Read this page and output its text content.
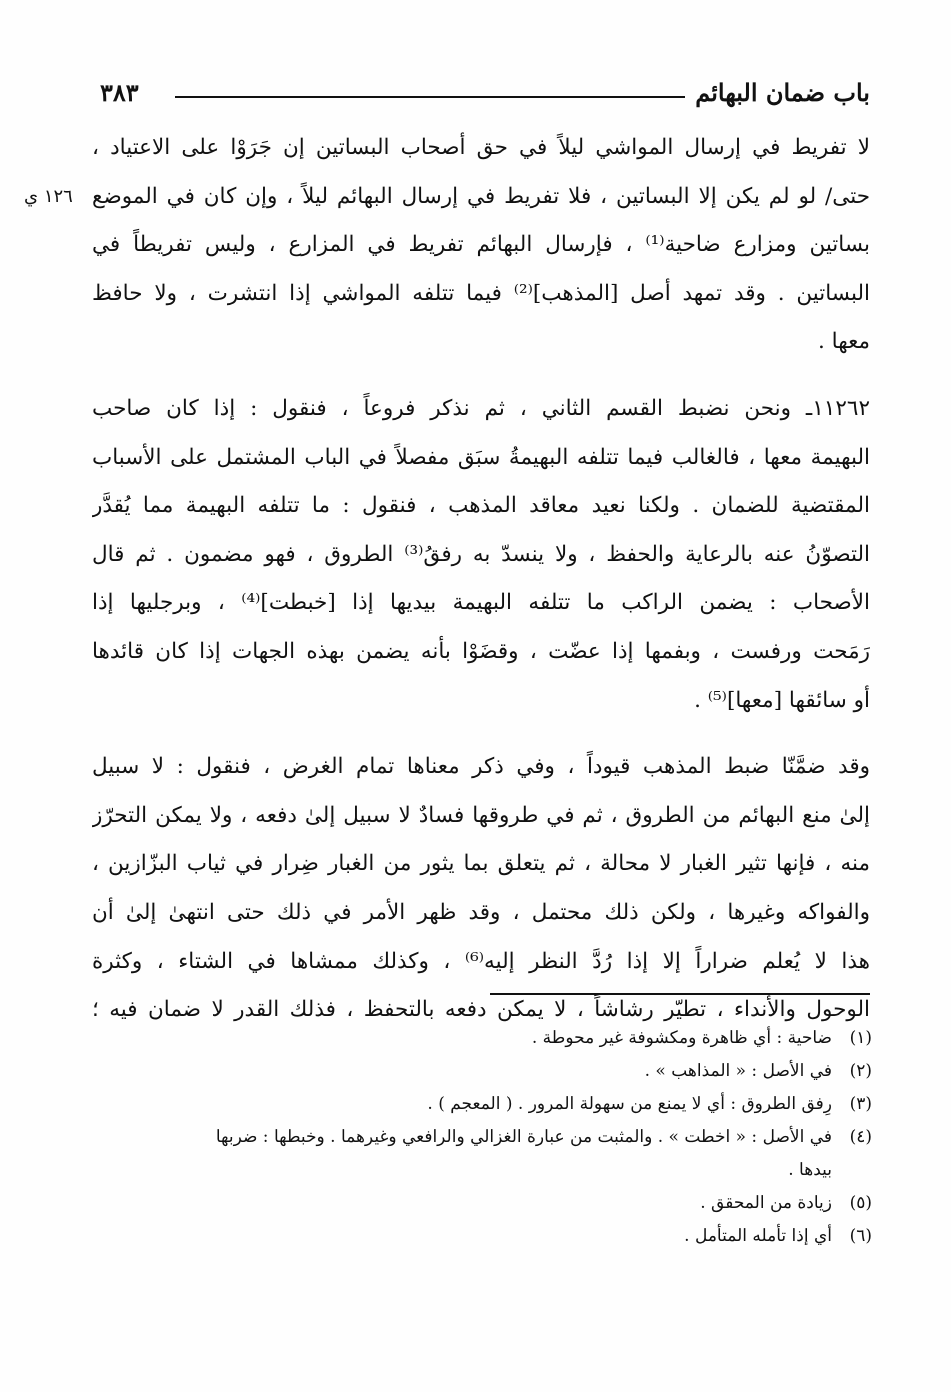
باب ضمان البهائم
٣٨٣
١٢٦ ي
لا تفريط في إرسال المواشي ليلاً في حق أصحاب البساتين إن جَرَوْا على الاعتياد ،
حتى/ لو لم يكن إلا البساتين ، فلا تفريط في إرسال البهائم ليلاً ، وإن كان في الموضع
بساتين ومزارع ضاحية⁽¹⁾ ، فإرسال البهائم تفريط في المزارع ، وليس تفريطاً في
البساتين . وقد تمهد أصل [المذهب]⁽²⁾ فيما تتلفه المواشي إذا انتشرت ، ولا حافظ
معها .
١١٢٦٢ـ ونحن نضبط القسم الثاني ، ثم نذكر فروعاً ، فنقول : إذا كان صاحب
البهيمة معها ، فالغالب فيما تتلفه البهيمةُ سبَق مفصلاً في الباب المشتمل على الأسباب
المقتضية للضمان . ولكنا نعيد معاقد المذهب ، فنقول : ما تتلفه البهيمة مما يُقدَّر
التصوّنُ عنه بالرعاية والحفظ ، ولا ينسدّ به رفقُ⁽³⁾ الطروق ، فهو مضمون . ثم قال
الأصحاب : يضمن الراكب ما تتلفه البهيمة بيديها إذا [خبطت]⁽⁴⁾ ، وبرجليها إذا
رَمَحت ورفست ، وبفمها إذا عضّت ، وقضَوْا بأنه يضمن بهذه الجهات إذا كان قائدها
أو سائقها [معها]⁽⁵⁾ .
وقد ضمَّنّا ضبط المذهب قيوداً ، وفي ذكر معناها تمام الغرض ، فنقول : لا سبيل
إلىٰ منع البهائم من الطروق ، ثم في طروقها فسادٌ لا سبيل إلىٰ دفعه ، ولا يمكن التحرّز
منه ، فإنها تثير الغبار لا محالة ، ثم يتعلق بما يثور من الغبار ضِرار في ثياب البزّازين ،
والفواكه وغيرها ، ولكن ذلك محتمل ، وقد ظهر الأمر في ذلك حتى انتهىٰ إلىٰ أن
هذا لا يُعلم ضراراً إلا إذا رُدَّ النظر إليه⁽⁶⁾ ، وكذلك ممشاها في الشتاء ، وكثرة
الوحول والأنداء ، تطيّر رشاشاً ، لا يمكن دفعه بالتحفظ ، فذلك القدر لا ضمان فيه ؛
(١)
ضاحية : أي ظاهرة ومكشوفة غير محوطة .
(٢)
في الأصل : « المذاهب » .
(٣)
رِفق الطروق : أي لا يمنع من سهولة المرور . ( المعجم ) .
(٤)
في الأصل : « اخطت » . والمثبت من عبارة الغزالي والرافعي وغيرهما . وخبطها : ضربها
بيدها .
(٥)
زيادة من المحقق .
(٦)
أي إذا تأمله المتأمل .
